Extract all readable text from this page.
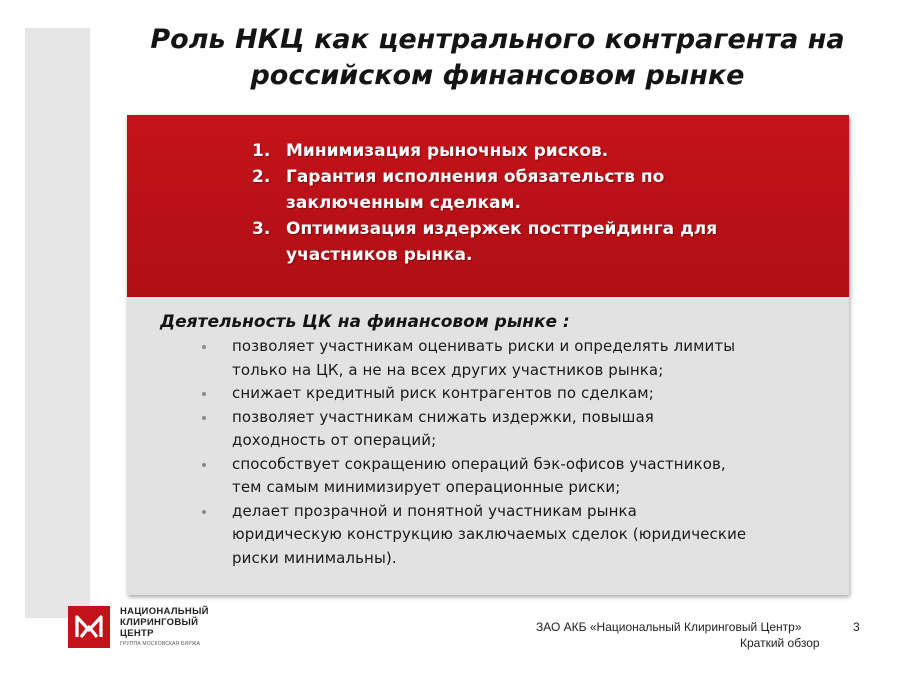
Роль НКЦ как центрального контрагента на
российском финансовом рынке
1. Минимизация рыночных рисков.
2. Гарантия исполнения обязательств по
заключенным сделкам.
3. Оптимизация издержек посттрейдинга для
участников рынка.
Деятельность ЦК на финансовом рынке :
позволяет участникам оценивать риски и определять лимиты
только на ЦК, а не на всех других участников рынка;
снижает кредитный риск контрагентов по сделкам;
позволяет участникам снижать издержки, повышая
доходность от операций;
способствует сокращению операций бэк-офисов участников,
тем самым минимизирует операционные риски;
делает прозрачной и понятной участникам рынка
юридическую конструкцию заключаемых сделок (юридические
риски минимальны).
НАЦИОНАЛЬНЫЙ
КЛИРИНГОВЫЙ
ЦЕНТР
ГРУППА МОСКОВСКАЯ БИРЖА
ЗАО АКБ «Национальный Клиринговый Центр»	3
Краткий обзор
